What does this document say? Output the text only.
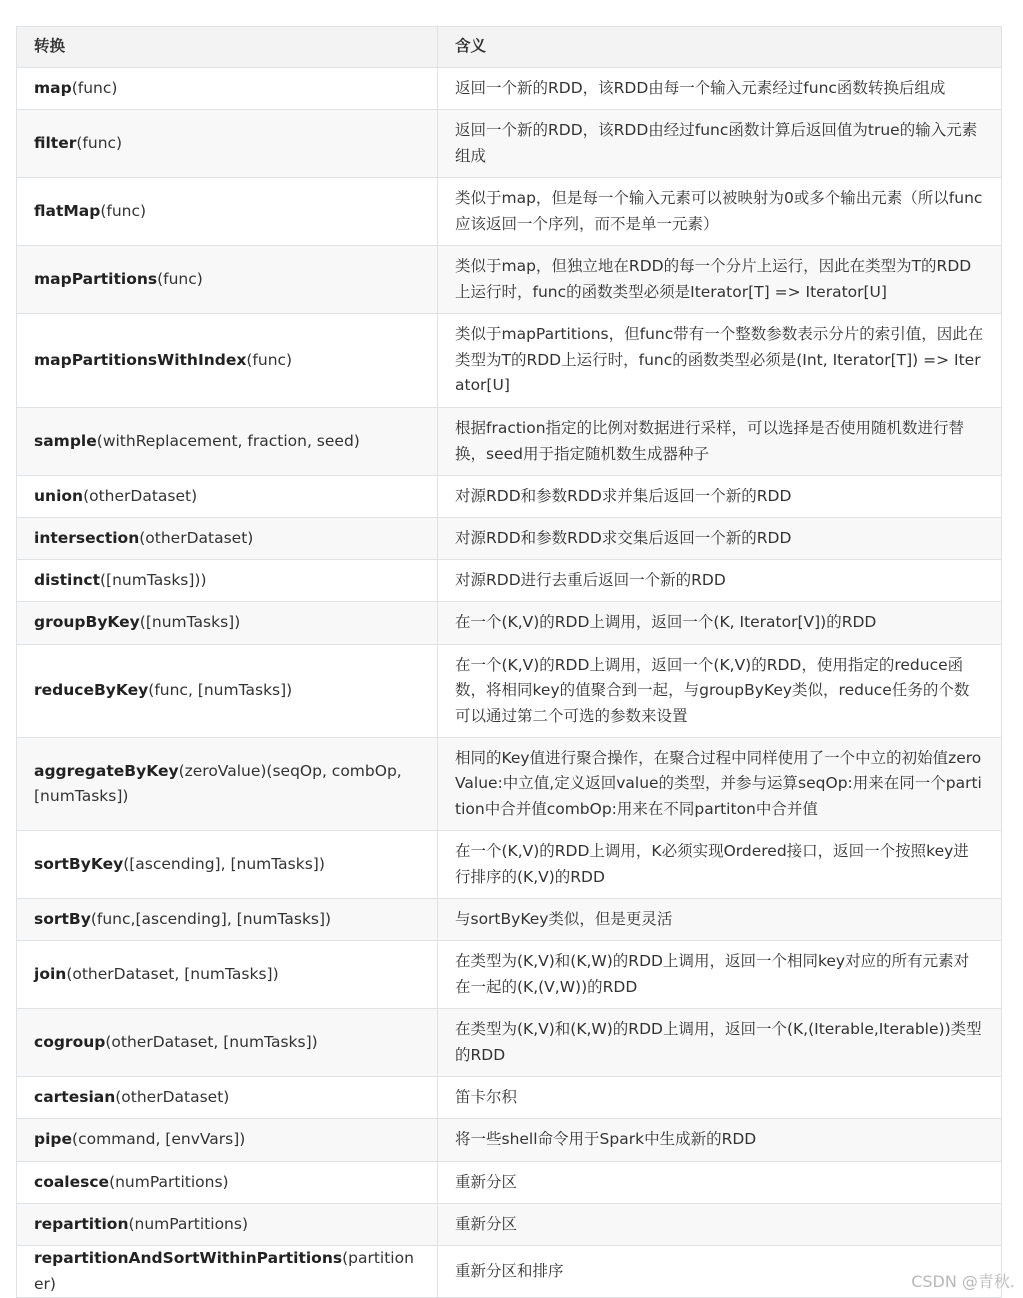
转换	含义
map(func)	返回一个新的RDD，该RDD由每一个输入元素经过func函数转换后组成
filter(func)	返回一个新的RDD，该RDD由经过func函数计算后返回值为true的输入元素组成
flatMap(func)	类似于map，但是每一个输入元素可以被映射为0或多个输出元素（所以func应该返回一个序列，而不是单一元素）
mapPartitions(func)	类似于map，但独立地在RDD的每一个分片上运行，因此在类型为T的RDD上运行时，func的函数类型必须是Iterator[T] => Iterator[U]
mapPartitionsWithIndex(func)	类似于mapPartitions，但func带有一个整数参数表示分片的索引值，因此在类型为T的RDD上运行时，func的函数类型必须是(Int, Iterator[T]) => Iterator[U]
sample(withReplacement, fraction, seed)	根据fraction指定的比例对数据进行采样，可以选择是否使用随机数进行替换，seed用于指定随机数生成器种子
union(otherDataset)	对源RDD和参数RDD求并集后返回一个新的RDD
intersection(otherDataset)	对源RDD和参数RDD求交集后返回一个新的RDD
distinct([numTasks]))	对源RDD进行去重后返回一个新的RDD
groupByKey([numTasks])	在一个(K,V)的RDD上调用，返回一个(K, Iterator[V])的RDD
reduceByKey(func, [numTasks])	在一个(K,V)的RDD上调用，返回一个(K,V)的RDD，使用指定的reduce函数，将相同key的值聚合到一起，与groupByKey类似，reduce任务的个数可以通过第二个可选的参数来设置
aggregateByKey(zeroValue)(seqOp, combOp, [numTasks])	相同的Key值进行聚合操作，在聚合过程中同样使用了一个中立的初始值zeroValue:中立值,定义返回value的类型，并参与运算seqOp:用来在同一个partition中合并值combOp:用来在不同partiton中合并值
sortByKey([ascending], [numTasks])	在一个(K,V)的RDD上调用，K必须实现Ordered接口，返回一个按照key进行排序的(K,V)的RDD
sortBy(func,[ascending], [numTasks])	与sortByKey类似，但是更灵活
join(otherDataset, [numTasks])	在类型为(K,V)和(K,W)的RDD上调用，返回一个相同key对应的所有元素对在一起的(K,(V,W))的RDD
cogroup(otherDataset, [numTasks])	在类型为(K,V)和(K,W)的RDD上调用，返回一个(K,(Iterable,Iterable))类型的RDD
cartesian(otherDataset)	笛卡尔积
pipe(command, [envVars])	将一些shell命令用于Spark中生成新的RDD
coalesce(numPartitions)	重新分区
repartition(numPartitions)	重新分区
repartitionAndSortWithinPartitions(partitioner)	重新分区和排序
CSDN @青秋.
